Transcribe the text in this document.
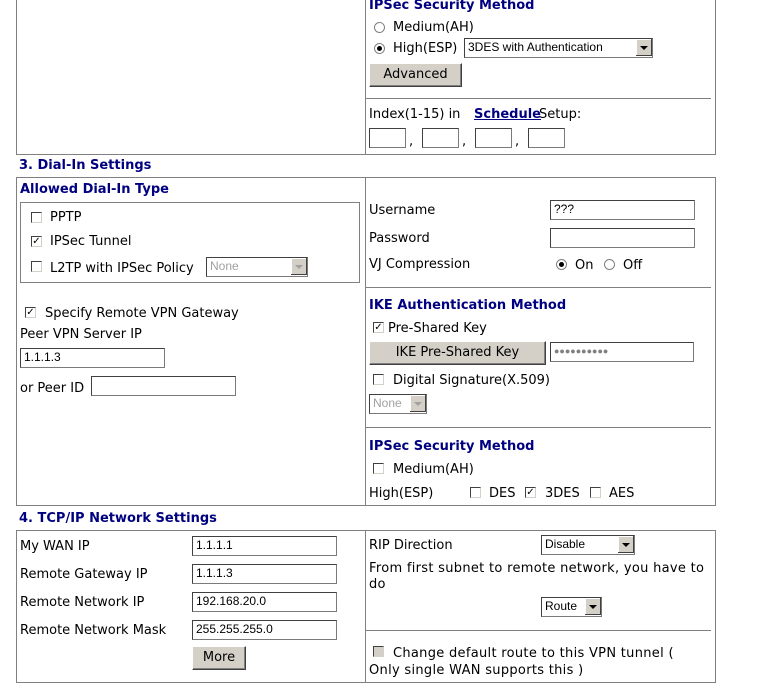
IPSec Security Method
Medium(AH)
High(ESP) 3DES with Authentication
Advanced
Index(1-15) in Schedule
Setup:
,	,	,
3. Dial-In Settings
Allowed Dial-In Type
PPTP
✓ IPSec Tunnel
L2TP with IPSec Policy	None
✓ Specify Remote VPN Gateway
Peer VPN Server IP
1.1.1.3
or Peer ID
Username	???
Password
VJ Compression	On Off
IKE Authentication Method
✓ Pre-Shared Key
IKE Pre-Shared Key	●●●●●●●●●●
Digital Signature(X.509)
None
IPSec Security Method
Medium(AH)
High(ESP)	DES ✓ 3DES AES
4. TCP/IP Network Settings
My WAN IP	1.1.1.1
Remote Gateway IP	1.1.1.3
Remote Network IP	192.168.20.0
Remote Network Mask	255.255.255.0
More
RIP Direction	Disable
From first subnet to remote network, you have to do
Route
Change default route to this VPN tunnel ( Only single WAN supports this )
